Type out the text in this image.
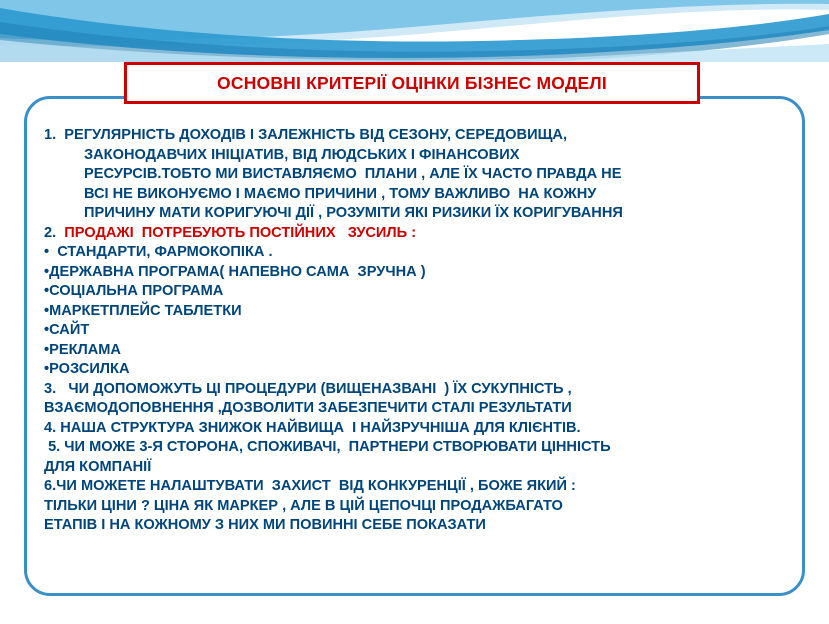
ОСНОВНІ КРИТЕРІЇ ОЦІНКИ БІЗНЕС МОДЕЛІ
1. РЕГУЛЯРНІСТЬ ДОХОДІВ І ЗАЛЕЖНІСТЬ ВІД СЕЗОНУ, СЕРЕДОВИЩА,
ЗАКОНОДАВЧИХ ІНІЦІАТИВ, ВІД ЛЮДСЬКИХ І ФІНАНСОВИХ
РЕСУРСІВ.ТОБТО МИ ВИСТАВЛЯЄМО  ПЛАНИ , АЛЕ ЇХ ЧАСТО ПРАВДА НЕ
ВСІ НЕ ВИКОНУЄМО І МАЄМО ПРИЧИНИ , ТОМУ ВАЖЛИВО  НА КОЖНУ
ПРИЧИНУ МАТИ КОРИГУЮЧІ ДІЇ , РОЗУМІТИ ЯКІ РИЗИКИ ЇХ КОРИГУВАННЯ
2. ПРОДАЖІ  ПОТРЕБУЮТЬ ПОСТІЙНИХ   ЗУСИЛЬ :
•  СТАНДАРТИ, ФАРМОКОПІКА .
•ДЕРЖАВНА ПРОГРАМА( НАПЕВНО САМА  ЗРУЧНА )
•СОЦІАЛЬНА ПРОГРАМА
•МАРКЕТПЛЕЙС ТАБЛЕТКИ
•САЙТ
•РЕКЛАМА
•РОЗСИЛКА
3.   ЧИ ДОПОМОЖУТЬ ЦІ ПРОЦЕДУРИ (ВИЩЕНАЗВАНІ  ) ЇХ СУКУПНІСТЬ ,
ВЗАЄМОДОПОВНЕННЯ ,ДОЗВОЛИТИ ЗАБЕЗПЕЧИТИ СТАЛІ РЕЗУЛЬТАТИ
4. НАША СТРУКТУРА ЗНИЖОК НАЙВИЩА  І НАЙЗРУЧНІША ДЛЯ КЛІЄНТІВ.
5. ЧИ МОЖЕ 3-Я СТОРОНА, СПОЖИВАЧІ,  ПАРТНЕРИ СТВОРЮВАТИ ЦІННІСТЬ
ДЛЯ КОМПАНІЇ
6.ЧИ МОЖЕТЕ НАЛАШТУВАТИ  ЗАХИСТ  ВІД КОНКУРЕНЦІЇ , БОЖЕ ЯКИЙ :
ТІЛЬКИ ЦІНИ ? ЦІНА ЯК МАРКЕР , АЛЕ В ЦІЙ ЦЕПОЧЦІ ПРОДАЖБАГАТО
ЕТАПІВ І НА КОЖНОМУ З НИХ МИ ПОВИННІ СЕБЕ ПОКАЗАТИ
